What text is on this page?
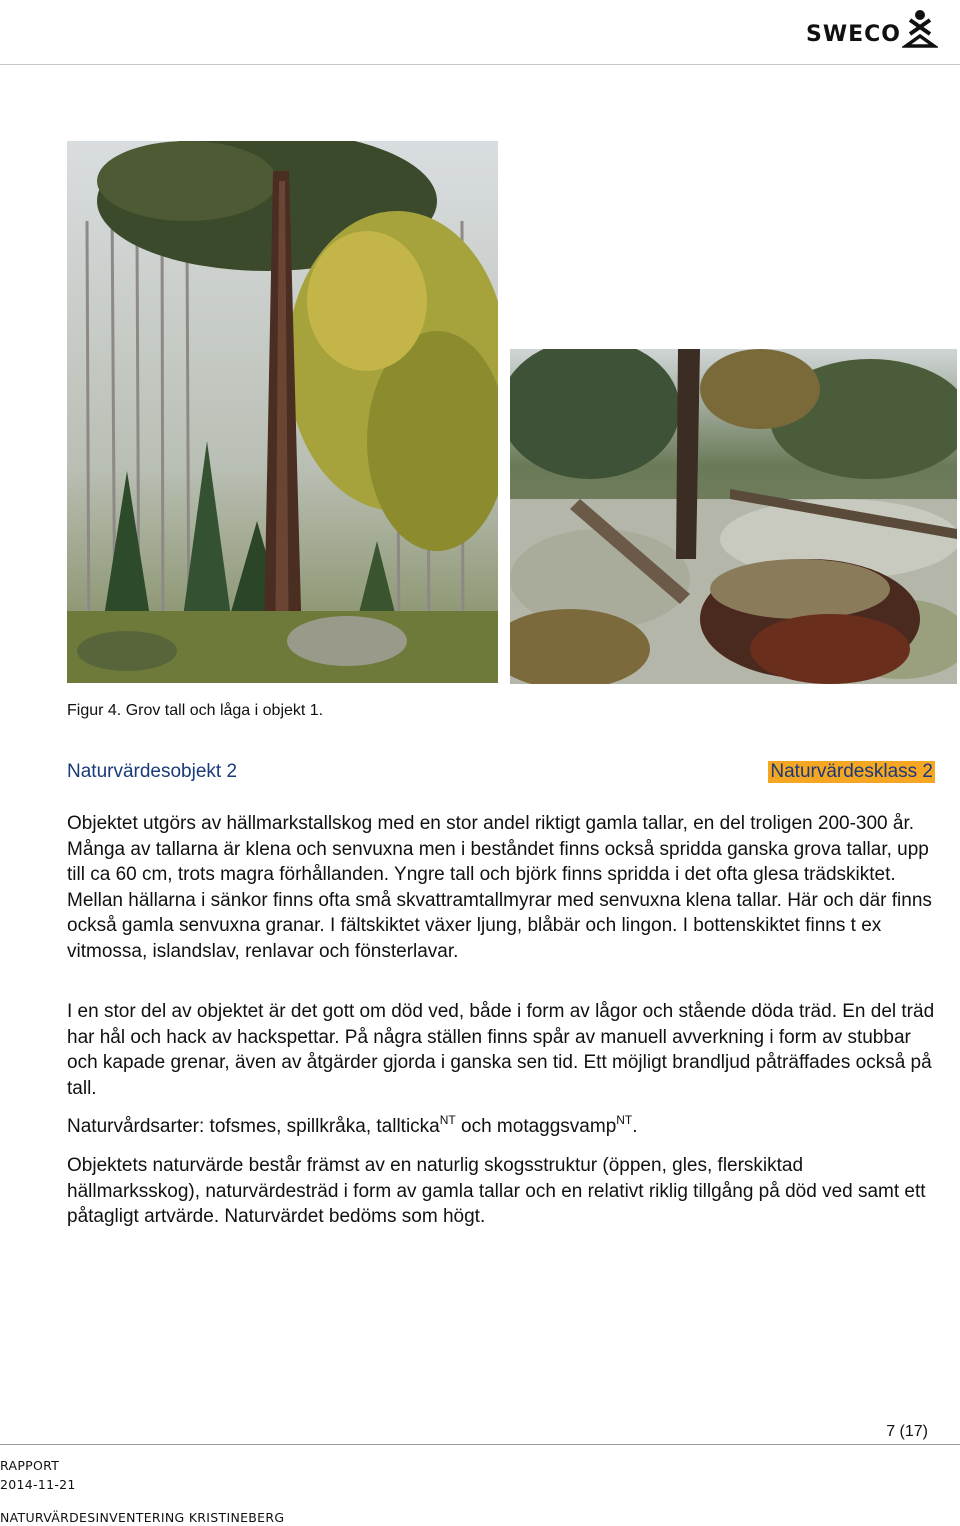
SWECO
Figur 4. Grov tall och låga i objekt 1.
Naturvärdesobjekt 2	Naturvärdesklass 2

Objektet utgörs av hällmarkstallskog med en stor andel riktigt gamla tallar, en del troligen 200-300 år. Många av tallarna är klena och senvuxna men i beståndet finns också spridda ganska grova tallar, upp till ca 60 cm, trots magra förhållanden. Yngre tall och björk finns spridda i det ofta glesa trädskiktet. Mellan hällarna i sänkor finns ofta små skvattramtallmyrar med senvuxna klena tallar. Här och där finns också gamla senvuxna granar. I fältskiktet växer ljung, blåbär och lingon. I bottenskiktet finns t ex vitmossa, islandslav, renlavar och fönsterlavar.

I en stor del av objektet är det gott om död ved, både i form av lågor och stående döda träd. En del träd har hål och hack av hackspettar. På några ställen finns spår av manuell avverkning i form av stubbar och kapade grenar, även av åtgärder gjorda i ganska sen tid. Ett möjligt brandljud påträffades också på tall.

Naturvårdsarter: tofsmes, spillkråka, tallticka$^{NT}$ och motaggsvamp$^{NT}$.

Objektets naturvärde består främst av en naturlig skogsstruktur (öppen, gles, flerskiktad hällmarksskog), naturvärdesträd i form av gamla tallar och en relativt riklig tillgång på död ved samt ett påtagligt artvärde. Naturvärdet bedöms som högt.

7 (17)
RAPPORT
2014-11-21
NATURVÄRDESINVENTERING KRISTINEBERG
